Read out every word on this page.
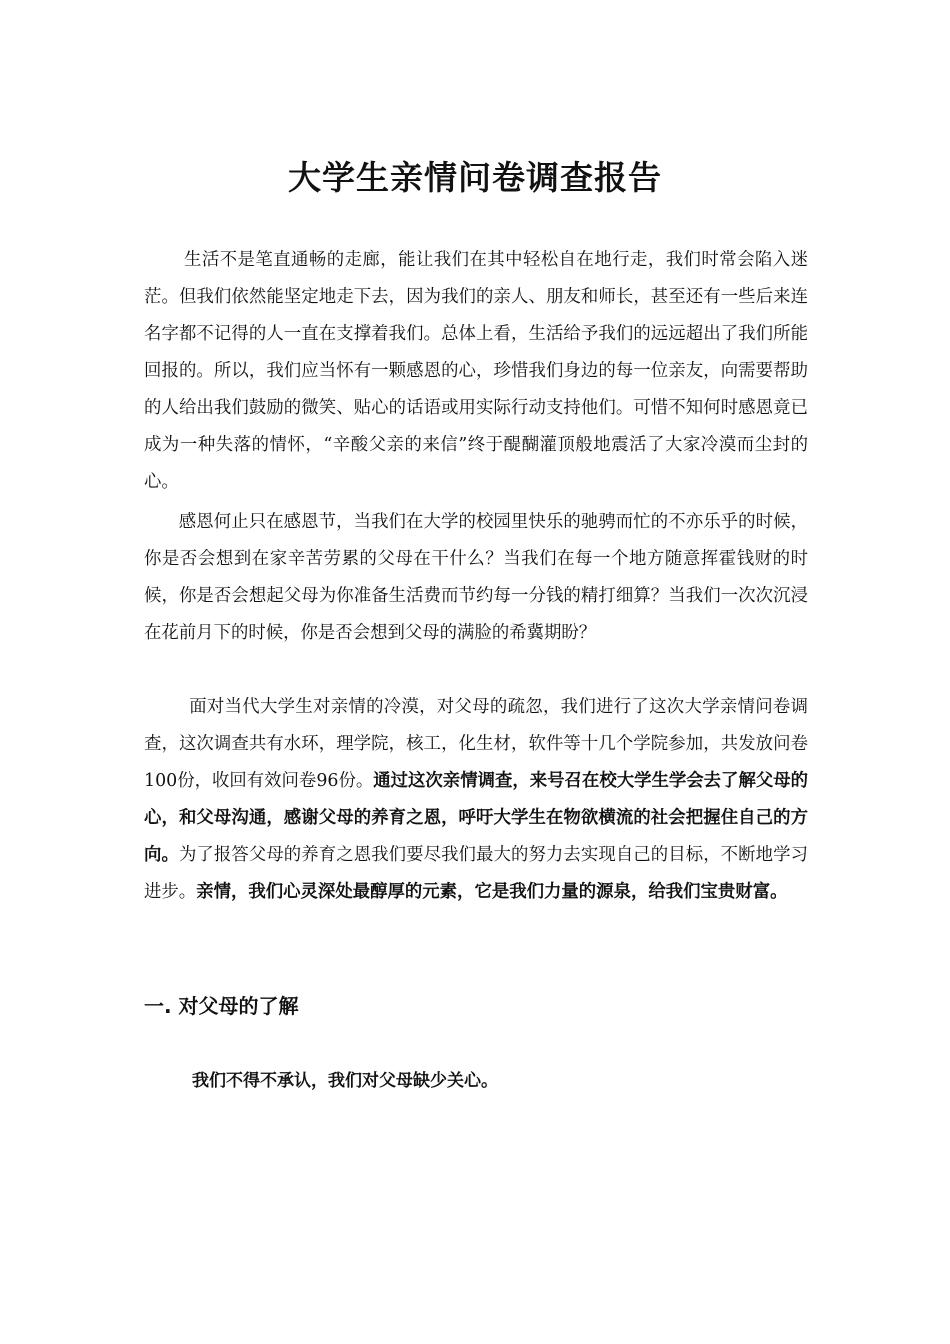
大学生亲情问卷调查报告

生活不是笔直通畅的走廊，能让我们在其中轻松自在地行走，我们时常会陷入迷茫。但我们依然能坚定地走下去，因为我们的亲人、朋友和师长，甚至还有一些后来连名字都不记得的人一直在支撑着我们。总体上看，生活给予我们的远远超出了我们所能回报的。所以，我们应当怀有一颗感恩的心，珍惜我们身边的每一位亲友，向需要帮助的人给出我们鼓励的微笑、贴心的话语或用实际行动支持他们。可惜不知何时感恩竟已成为一种失落的情怀，“辛酸父亲的来信”终于醍醐灌顶般地震活了大家冷漠而尘封的心。

感恩何止只在感恩节，当我们在大学的校园里快乐的驰骋而忙的不亦乐乎的时候，你是否会想到在家辛苦劳累的父母在干什么？当我们在每一个地方随意挥霍钱财的时候，你是否会想起父母为你准备生活费而节约每一分钱的精打细算？当我们一次次沉浸在花前月下的时候，你是否会想到父母的满脸的希冀期盼？

面对当代大学生对亲情的冷漠，对父母的疏忽，我们进行了这次大学亲情问卷调查，这次调查共有水环，理学院，核工，化生材，软件等十几个学院参加，共发放问卷100份，收回有效问卷96份。通过这次亲情调查，来号召在校大学生学会去了解父母的心，和父母沟通，感谢父母的养育之恩，呼吁大学生在物欲横流的社会把握住自己的方向。为了报答父母的养育之恩我们要尽我们最大的努力去实现自己的目标，不断地学习进步。亲情，我们心灵深处最醇厚的元素，它是我们力量的源泉，给我们宝贵财富。

一. 对父母的了解

我们不得不承认，我们对父母缺少关心。
